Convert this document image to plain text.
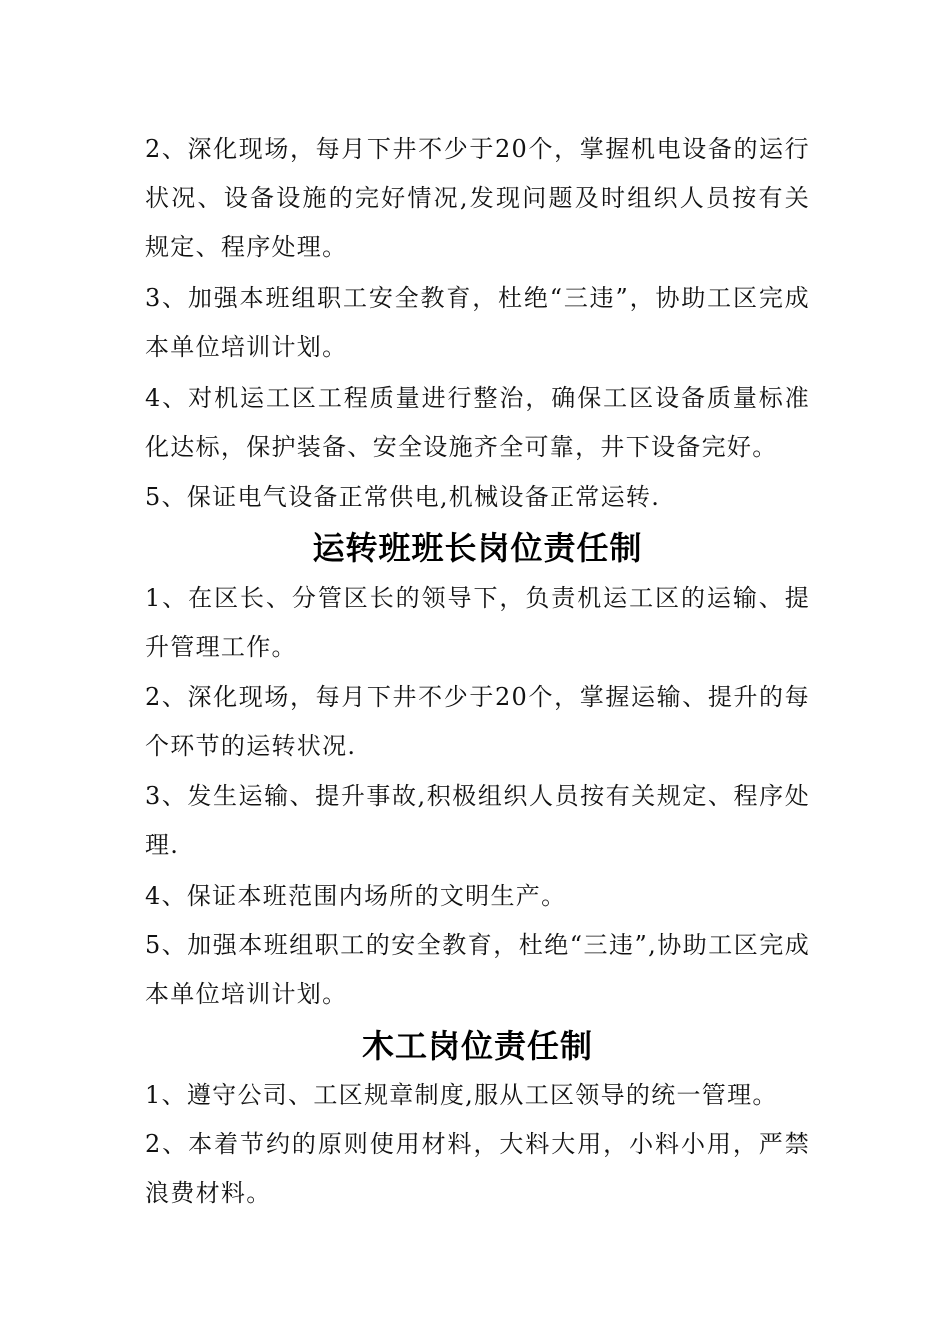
2、深化现场，每月下井不少于20个，掌握机电设备的运行状况、设备设施的完好情况,发现问题及时组织人员按有关规定、程序处理。

3、加强本班组职工安全教育，杜绝“三违”，协助工区完成本单位培训计划。

4、对机运工区工程质量进行整治，确保工区设备质量标准化达标，保护装备、安全设施齐全可靠，井下设备完好。

5、保证电气设备正常供电,机械设备正常运转.

运转班班长岗位责任制

1、在区长、分管区长的领导下，负责机运工区的运输、提升管理工作。

2、深化现场，每月下井不少于20个，掌握运输、提升的每个环节的运转状况.

3、发生运输、提升事故,积极组织人员按有关规定、程序处理.

4、保证本班范围内场所的文明生产。

5、加强本班组职工的安全教育，杜绝“三违”,协助工区完成本单位培训计划。

木工岗位责任制

1、遵守公司、工区规章制度,服从工区领导的统一管理。

2、本着节约的原则使用材料，大料大用，小料小用，严禁浪费材料。
